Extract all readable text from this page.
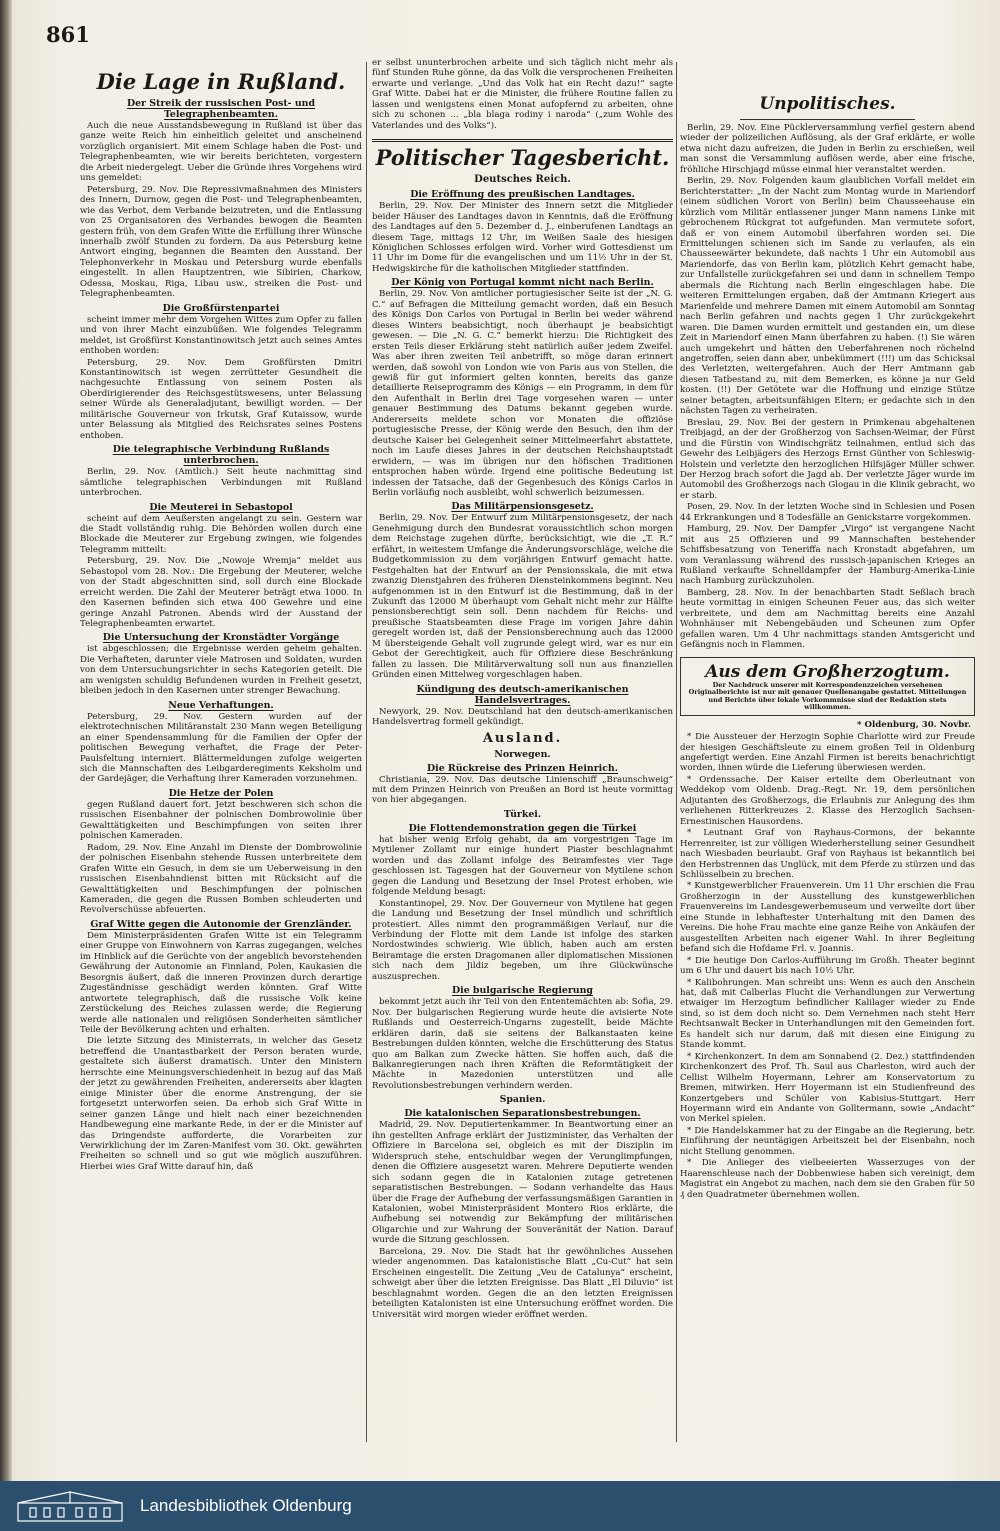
861
Die Lage in Rußland.
Der Streik der russischen Post- und Telegraphenbeamten.

Auch die neue Ausstandsbewegung in Rußland ist über das ganze weite Reich hin einheitlich geleitet und anscheinend vorzüglich organisiert. Mit einem Schlage haben die Post- und Telegraphenbeamten, wie wir bereits berichteten, vorgestern die Arbeit niedergelegt. Ueber die Gründe ihres Vorgehens wird uns gemeldet:

Petersburg, 29. Nov. Die Repressivmaßnahmen des Ministers des Innern, Durnow, gegen die Post- und Telegraphenbeamten, wie das Verbot, dem Verbande beizutreten, und die Entlassung von 25 Organisatoren des Verbandes bewogen die Beamten gestern früh, von dem Grafen Witte die Erfüllung ihrer Wünsche innerhalb zwölf Stunden zu fordern. Da aus Petersburg keine Antwort einging, begannen die Beamten den Ausstand. Der Telephonverkehr in Moskau und Petersburg wurde ebenfalls eingestellt. In allen Hauptzentren, wie Sibirien, Charkow, Odessa, Moskau, Riga, Libau usw., streiken die Post- und Telegraphenbeamten.

Die Großfürstenpartei

scheint immer mehr dem Vorgehen Wittes zum Opfer zu fallen und von ihrer Macht einzubüßen. Wie folgendes Telegramm meldet, ist Großfürst Konstantinowitsch jetzt auch seines Amtes enthoben worden:

Petersburg, 29. Nov. Dem Großfürsten Dmitri Konstantinowitsch ist wegen zerrütteter Gesundheit die nachgesuchte Entlassung von seinem Posten als Oberdirigierender des Reichsgestütswesens, unter Belassung seiner Würde als Generaladjutant, bewilligt worden. — Der militärische Gouverneur von Irkutsk, Graf Kutaissow, wurde unter Belassung als Mitglied des Reichsrates seines Postens enthoben.

Die telegraphische Verbindung Rußlands unterbrochen.

Berlin, 29. Nov. (Amtlich.) Seit heute nachmittag sind sämtliche telegraphischen Verbindungen mit Rußland unterbrochen.

Die Meuterei in Sebastopol

scheint auf dem Aeußersten angelangt zu sein. Gestern war die Stadt vollständig ruhig. Die Behörden wollen durch eine Blockade die Meuterer zur Ergebung zwingen, wie folgendes Telegramm mitteilt:

Petersburg, 29. Nov. Die „Nowoje Wremja“ meldet aus Sebastopol vom 28. Nov.: Die Ergebung der Meuterer, welche von der Stadt abgeschnitten sind, soll durch eine Blockade erreicht werden. Die Zahl der Meuterer beträgt etwa 1000. In den Kasernen befinden sich etwa 400 Gewehre und eine geringe Anzahl Patronen. Abends wird der Ausstand der Telegraphenbeamten erwartet.

Die Untersuchung der Kronstädter Vorgänge

ist abgeschlossen; die Ergebnisse werden geheim gehalten. Die Verhafteten, darunter viele Matrosen und Soldaten, wurden von dem Untersuchungsrichter in sechs Kategorien geteilt. Die am wenigsten schuldig Befundenen wurden in Freiheit gesetzt, bleiben jedoch in den Kasernen unter strenger Bewachung.

Neue Verhaftungen.

Petersburg, 29. Nov. Gestern wurden auf der elektrotechnischen Militäranstalt 230 Mann wegen Beteiligung an einer Spendensammlung für die Familien der Opfer der politischen Bewegung verhaftet, die Frage der Peter-Paulsfeltung interniert. Blättermeldungen zufolge weigerten sich die Mannschaften des Leibgarderegiments Keksholm und der Gardejäger, die Verhaftung ihrer Kameraden vorzunehmen.

Die Hetze der Polen

gegen Rußland dauert fort. Jetzt beschweren sich schon die russischen Eisenbahner der polnischen Dombrowolinie über Gewalttätigkeiten und Beschimpfungen von seiten ihrer polnischen Kameraden.

Radom, 29. Nov. Eine Anzahl im Dienste der Dombrowolinie der polnischen Eisenbahn stehende Russen unterbreitete dem Grafen Witte ein Gesuch, in dem sie um Ueberweisung in den russischen Eisenbahndienst bitten mit Rücksicht auf die Gewalttätigkeiten und Beschimpfungen der polnischen Kameraden, die gegen die Russen Bomben schleuderten und Revolverschüsse abfeuerten.

Graf Witte gegen die Autonomie der Grenzländer.

Dem Ministerpräsidenten Grafen Witte ist ein Telegramm einer Gruppe von Einwohnern von Karras zugegangen, welches im Hinblick auf die Gerüchte von der angeblich bevorstehenden Gewährung der Autonomie an Finnland, Polen, Kaukasien die Besorgnis äußert, daß die inneren Provinzen durch derartige Zugeständnisse geschädigt werden könnten. Graf Witte antwortete telegraphisch, daß die russische Volk keine Zerstückelung des Reiches zulassen werde; die Regierung werde alle nationalen und religiösen Sonderheiten sämtlicher Teile der Bevölkerung achten und erhalten.

Die letzte Sitzung des Ministerrats, in welcher das Gesetz betreffend die Unantastbarkeit der Person beraten wurde, gestaltete sich äußerst dramatisch. Unter den Ministern herrschte eine Meinungsverschiedenheit in bezug auf das Maß der jetzt zu gewährenden Freiheiten, andererseits aber klagten einige Minister über die enorme Anstrengung, der sie fortgesetzt unterworfen seien. Da erhob sich Graf Witte in seiner ganzen Länge und hielt nach einer bezeichnenden Handbewegung eine markante Rede, in der er die Minister auf das Dringendste aufforderte, die Vorarbeiten zur Verwirklichung der im Zaren-Manifest vom 30. Okt. gewährten Freiheiten so schnell und so gut wie möglich auszuführen. Hierbei wies Graf Witte darauf hin, daß

er selbst ununterbrochen arbeite und sich täglich nicht mehr als fünf Stunden Ruhe gönne, da das Volk die versprochenen Freiheiten erwarte und verlange. „Und das Volk hat ein Recht dazu!“ sagte Graf Witte. Dabei hat er die Minister, die frühere Routine fallen zu lassen und wenigstens einen Monat aufopfernd zu arbeiten, ohne sich zu schonen ... „bla blaga rodiny i naroda“ („zum Wohle des Vaterlandes und des Volks“).

Politischer Tagesbericht.
Deutsches Reich.
Die Eröffnung des preußischen Landtages.

Berlin, 29. Nov. Der Minister des Innern setzt die Mitglieder beider Häuser des Landtages davon in Kenntnis, daß die Eröffnung des Landtages auf den 5. Dezember d. J., einberufenen Landtags an diesem Tage, mittags 12 Uhr, im Weißen Saale des hiesigen Königlichen Schlosses erfolgen wird. Vorher wird Gottesdienst um 11 Uhr im Dome für die evangelischen und um 11½ Uhr in der St. Hedwigskirche für die katholischen Mitglieder stattfinden.

Der König von Portugal kommt nicht nach Berlin.

Berlin, 29. Nov. Von amtlicher portugiesischer Seite ist der „N. G. C.“ auf Befragen die Mitteilung gemacht worden, daß ein Besuch des Königs Don Carlos von Portugal in Berlin bei weder während dieses Winters beabsichtigt, noch überhaupt je beabsichtigt gewesen. — Die „N. G. C.“ bemerkt hierzu: Die Richtigkeit des ersten Teils dieser Erklärung steht natürlich außer jedem Zweifel. Was aber ihren zweiten Teil anbetrifft, so möge daran erinnert werden, daß sowohl von London wie von Paris aus von Stellen, die gewiß für gut informiert gelten konnten, bereits das ganze detaillierte Reiseprogramm des Königs — ein Programm, in dem für den Aufenthalt in Berlin drei Tage vorgesehen waren — unter genauer Bestimmung des Datums bekannt gegeben wurde. Andererseits meldete schon vor Monaten die offiziöse portugiesische Presse, der König werde den Besuch, den ihm der deutsche Kaiser bei Gelegenheit seiner Mittelmeerfahrt abstattete, noch im Laufe dieses Jahres in der deutschen Reichshauptstadt erwidern, — was im übrigen nur den höfischen Traditionen entsprochen haben würde. Irgend eine politische Bedeutung ist indessen der Tatsache, daß der Gegenbesuch des Königs Carlos in Berlin vorläufig noch ausbleibt, wohl schwerlich beizumessen.

Das Militärpensionsgesetz.

Berlin, 29. Nov. Der Entwurf zum Militärpensionsgesetz, der nach Genehmigung durch den Bundesrat voraussichtlich schon morgen dem Reichstage zugehen dürfte, berücksichtigt, wie die „T. R.“ erfährt, in weitestem Umfange die Änderungsvorschläge, welche die Budgetkommission zu dem vorjährigen Entwurf gemacht hatte. Festgehalten hat der Entwurf an der Pensionsskala, die mit etwa zwanzig Dienstjahren des früheren Diensteinkommens beginnt. Neu aufgenommen ist in den Entwurf ist die Bestimmung, daß in der Zukunft das 12000 M überhaupt vom Gehalt nicht mehr zur Hälfte pensionsberechtigt sein soll. Denn nachdem für Reichs- und preußische Staatsbeamten diese Frage im vorigen Jahre dahin geregelt worden ist, daß der Pensionsberechnung auch das 12000 M übersteigende Gehalt voll zugrunde gelegt wird, war es nur ein Gebot der Gerechtigkeit, auch für Offiziere diese Beschränkung fallen zu lassen. Die Militärverwaltung soll nun aus finanziellen Gründen einen Mittelweg vorgeschlagen haben.

Kündigung des deutsch-amerikanischen Handelsvertrages.

Newyork, 29. Nov. Deutschland hat den deutsch-amerikanischen Handelsvertrag formell gekündigt.

Ausland.
Norwegen.
Die Rückreise des Prinzen Heinrich.

Christiania, 29. Nov. Das deutsche Linienschiff „Braunschweig“ mit dem Prinzen Heinrich von Preußen an Bord ist heute vormittag von hier abgegangen.

Türkei.
Die Flottendemonstration gegen die Türkei

hat bisher wenig Erfolg gehabt, da am vorgestrigen Tage im Mytilener Zollamt nur einige hundert Piaster beschlagnahmt worden und das Zollamt infolge des Beiramfestes vier Tage geschlossen ist. Tagesgen hat der Gouverneur von Mytilene schon gegen die Landung und Besetzung der Insel Protest erhoben, wie folgende Meldung besagt:

Konstantinopel, 29. Nov. Der Gouverneur von Mytilene hat gegen die Landung und Besetzung der Insel mündlich und schriftlich protestiert. Alles nimmt den programmäßigen Verlauf, nur die Verbindung der Flotte mit dem Lande ist infolge des starken Nordostwindes schwierig. Wie üblich, haben auch am ersten Beiramtage die ersten Dragomanen aller diplomatischen Missionen sich nach dem Jildiz begeben, um ihre Glückwünsche auszusprechen.

Die bulgarische Regierung

bekommt jetzt auch ihr Teil von den Ententemächten ab: Sofia, 29. Nov. Der bulgarischen Regierung wurde heute die avisierte Note Rußlands und Oesterreich-Ungarns zugestellt, beide Mächte erklären darin, daß sie seitens der Balkanstaaten keine Bestrebungen dulden könnten, welche die Erschütterung des Status quo am Balkan zum Zwecke hätten. Sie hoffen auch, daß die Balkanregierungen nach ihren Kräften die Reformtätigkeit der Mächte in Mazedonien unterstützen und alle Revolutionsbestrebungen verhindern werden.

Spanien.
Die katalonischen Separationsbestrebungen.

Madrid, 29. Nov. Deputiertenkammer. In Beantwortung einer an ihn gestellten Anfrage erklärt der Justizminister, das Verhalten der Offiziere in Barcelona sei, obgleich es mit der Disziplin im Widerspruch stehe, entschuldbar wegen der Verunglimpfungen, denen die Offiziere ausgesetzt waren. Mehrere Deputierte wenden sich sodann gegen die in Katalonien zutage getretenen separatistischen Bestrebungen. — Sodann verhandelte das Haus über die Frage der Aufhebung der verfassungsmäßigen Garantien in Katalonien, wobei Ministerpräsident Montero Rios erklärte, die Aufhebung sei notwendig zur Bekämpfung der militärischen Oligarchie und zur Wahrung der Souveränität der Nation. Darauf wurde die Sitzung geschlossen.

Barcelona, 29. Nov. Die Stadt hat ihr gewöhnliches Aussehen wieder angenommen. Das katalonistische Blatt „Cu-Cut“ hat sein Erscheinen eingestellt. Die Zeitung „Veu de Catalunya“ erscheint, schweigt aber über die letzten Ereignisse. Das Blatt „El Diluvio“ ist beschlagnahmt worden. Gegen die an den letzten Ereignissen beteiligten Katalonisten ist eine Untersuchung eröffnet worden. Die Universität wird morgen wieder eröffnet werden.

Unpolitisches.

Berlin, 29. Nov. Eine Pücklerversammlung verfiel gestern abend wieder der polizeilichen Auflösung, als der Graf erklärte, er wolle etwa nicht dazu aufreizen, die Juden in Berlin zu erschießen, weil man sonst die Versammlung auflösen werde, aber eine frische, fröhliche Hirschjagd müsse einmal hier veranstaltet werden.

Berlin, 29. Nov. Folgenden kaum glaublichen Vorfall meldet ein Berichterstatter: „In der Nacht zum Montag wurde in Mariendorf (einem südlichen Vorort von Berlin) beim Chausseehause ein kürzlich vom Militär entlassener junger Mann namens Linke mit gebrochenem Rückgrat tot aufgefunden. Man vermutete sofort, daß er von einem Automobil überfahren worden sei. Die Ermittelungen schienen sich im Sande zu verlaufen, als ein Chausseewärter bekundete, daß nachts 1 Uhr ein Automobil aus Mariendorfe, das von Berlin kam, plötzlich Kehrt gemacht habe, zur Unfallstelle zurückgefahren sei und dann in schnellem Tempo abermals die Richtung nach Berlin eingeschlagen habe. Die weiteren Ermittelungen ergaben, daß der Amtmann Kriegert aus Marienfelde und mehrere Damen mit einem Automobil am Sonntag nach Berlin gefahren und nachts gegen 1 Uhr zurückgekehrt waren. Die Damen wurden ermittelt und gestanden ein, um diese Zeit in Mariendorf einen Mann überfahren zu haben. (!) Sie wären auch umgekehrt und hätten den Ueberfahrenen noch röchelnd angetroffen, seien dann aber, unbekümmert (!!!) um das Schicksal des Verletzten, weitergefahren. Auch der Herr Amtmann gab diesen Tatbestand zu, mit dem Bemerken, es könne ja nur Geld kosten. (!!) Der Getötete war die Hoffnung und einzige Stütze seiner betagten, arbeitsunfähigen Eltern; er gedachte sich in den nächsten Tagen zu verheiraten.

Breslau, 29. Nov. Bei der gestern in Primkenau abgehaltenen Treibjagd, an der der Großherzog von Sachsen-Weimar, der Fürst und die Fürstin von Windischgrätz teilnahmen, entlud sich das Gewehr des Leibjägers des Herzogs Ernst Günther von Schleswig-Holstein und verletzte den herzoglichen Hilfsjäger Müller schwer. Der Herzog brach sofort die Jagd ab. Der verletzte Jäger wurde im Automobil des Großherzogs nach Glogau in die Klinik gebracht, wo er starb.

Posen, 29. Nov. In der letzten Woche sind in Schlesien und Posen 44 Erkrankungen und 8 Todesfälle an Genickstarre vorgekommen.

Hamburg, 29. Nov. Der Dampfer „Virgo“ ist vergangene Nacht mit aus 25 Offizieren und 99 Mannschaften bestehender Schiffsbesatzung von Teneriffa nach Kronstadt abgefahren, um vom Veranlassung während des russisch-japanischen Krieges an Rußland verkaufte Schnelldampfer der Hamburg-Amerika-Linie nach Hamburg zurückzuholen.

Bamberg, 28. Nov. In der benachbarten Stadt Seßlach brach heute vormittag in einigen Scheunen Feuer aus, das sich weiter verbreitete, und dem am Nachmittag bereits eine Anzahl Wohnhäuser mit Nebengebäuden und Scheunen zum Opfer gefallen waren. Um 4 Uhr nachmittags standen Amtsgericht und Gefängnis noch in Flammen.

Aus dem Großherzogtum.
Der Nachdruck unserer mit Korrespondenzzeichen versehenen Originalberichte ist nur mit genauer Quellenangabe gestattet. Mitteilungen und Berichte über lokale Vorkommnisse sind der Redaktion stets willkommen.
* Oldenburg, 30. Novbr.

* Die Aussteuer der Herzogin Sophie Charlotte wird zur Freude der hiesigen Geschäftsleute zu einem großen Teil in Oldenburg angefertigt werden. Eine Anzahl Firmen ist bereits benachrichtigt worden, ihnen würde die Lieferung überwiesen werden.

* Ordenssache. Der Kaiser erteilte dem Oberleutnant von Weddekop vom Oldenb. Drag.-Regt. Nr. 19, dem persönlichen Adjutanten des Großherzogs, die Erlaubnis zur Anlegung des ihm verliehenen Ritterkreuzes 2. Klasse des Herzoglich Sachsen-Ernestinischen Hausordens.

* Leutnant Graf von Rayhaus-Cormons, der bekannte Herrenreiter, ist zur völligen Wiederherstellung seiner Gesundheit nach Wiesbaden beurlaubt. Graf von Rayhaus ist bekanntlich bei den Herbstrennen das Unglück, mit dem Pferde zu stürzen und das Schlüsselbein zu brechen.

* Kunstgewerblicher Frauenverein. Um 11 Uhr erschien die Frau Großherzogin in der Ausstellung des kunstgewerblichen Frauenvereins im Landesgewerbemuseum und verweilte dort über eine Stunde in lebhaftester Unterhaltung mit den Damen des Vereins. Die hohe Frau machte eine ganze Reihe von Ankäufen der ausgestellten Arbeiten nach eigener Wahl. In ihrer Begleitung befand sich die Hofdame Frl. v. Joannis.

* Die heutige Don Carlos-Aufführung im Großh. Theater beginnt um 6 Uhr und dauert bis nach 10½ Uhr.

* Kalibohrungen. Man schreibt uns: Wenn es auch den Anschein hat, daß mit Calberlas Flucht die Verhandlungen zur Verwertung etwaiger im Herzogtum befindlicher Kalilager wieder zu Ende sind, so ist dem doch nicht so. Dem Vernehmen nach steht Herr Rechtsanwalt Becker in Unterhandlungen mit den Gemeinden fort. Es handelt sich nur darum, daß mit diesen eine Einigung zu Stande kommt.

* Kirchenkonzert. In dem am Sonnabend (2. Dez.) stattfindenden Kirchenkonzert des Prof. Th. Saul aus Charleston, wird auch der Cellist Wilhelm Hoyermann, Lehrer am Konservatorium zu Bremen, mitwirken. Herr Hoyermann ist ein Studienfreund des Konzertgebers und Schüler von Kabisius-Stuttgart. Herr Hoyermann wird ein Andante von Golltermann, sowie „Andacht“ von Merkel spielen.

* Die Handelskammer hat zu der Eingabe an die Regierung, betr. Einführung der neuntägigen Arbeitszeit bei der Eisenbahn, noch nicht Stellung genommen.

* Die Anlieger des vielbeeierten Wasserzuges von der Haarenschleuse nach der Dobbenwiese haben sich vereinigt, dem Magistrat ein Angebot zu machen, nach dem sie den Graben für 50 ₰ den Quadratmeter übernehmen wollen.

Landesbibliothek Oldenburg
